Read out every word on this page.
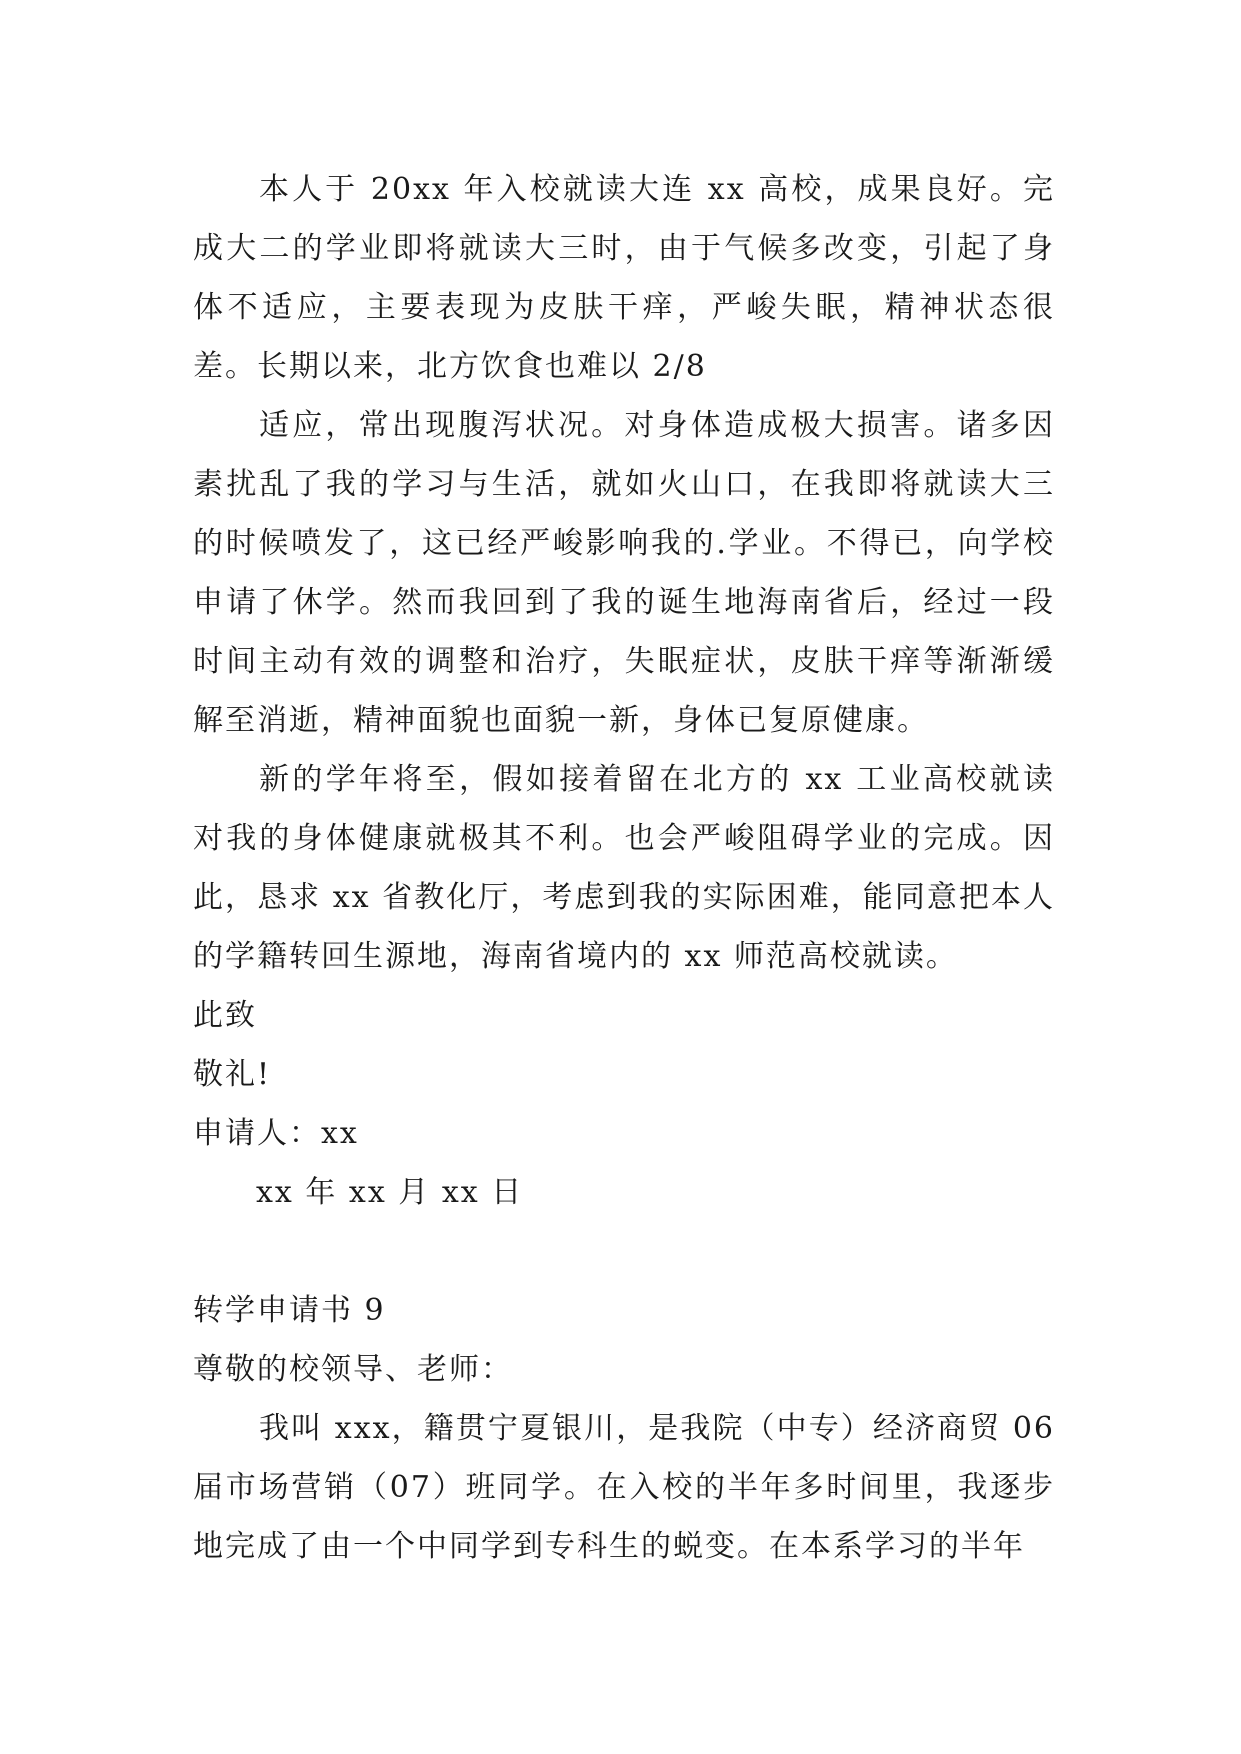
本人于 20xx 年入校就读大连 xx 高校，成果良好。完成大二的学业即将就读大三时，由于气候多改变，引起了身体不适应，主要表现为皮肤干痒，严峻失眠，精神状态很差。长期以来，北方饮食也难以 2/8

适应，常出现腹泻状况。对身体造成极大损害。诸多因素扰乱了我的学习与生活，就如火山口，在我即将就读大三的时候喷发了，这已经严峻影响我的.学业。不得已，向学校申请了休学。然而我回到了我的诞生地海南省后，经过一段时间主动有效的调整和治疗，失眠症状，皮肤干痒等渐渐缓解至消逝，精神面貌也面貌一新，身体已复原健康。

新的学年将至，假如接着留在北方的 xx 工业高校就读对我的身体健康就极其不利。也会严峻阻碍学业的完成。因此，恳求 xx 省教化厅，考虑到我的实际困难，能同意把本人的学籍转回生源地，海南省境内的 xx 师范高校就读。

此致

敬礼!

申请人：xx

xx 年 xx 月 xx 日

转学申请书 9

尊敬的校领导、老师：

我叫 xxx，籍贯宁夏银川，是我院（中专）经济商贸 06 届市场营销（07）班同学。在入校的半年多时间里，我逐步地完成了由一个中同学到专科生的蜕变。在本系学习的半年
